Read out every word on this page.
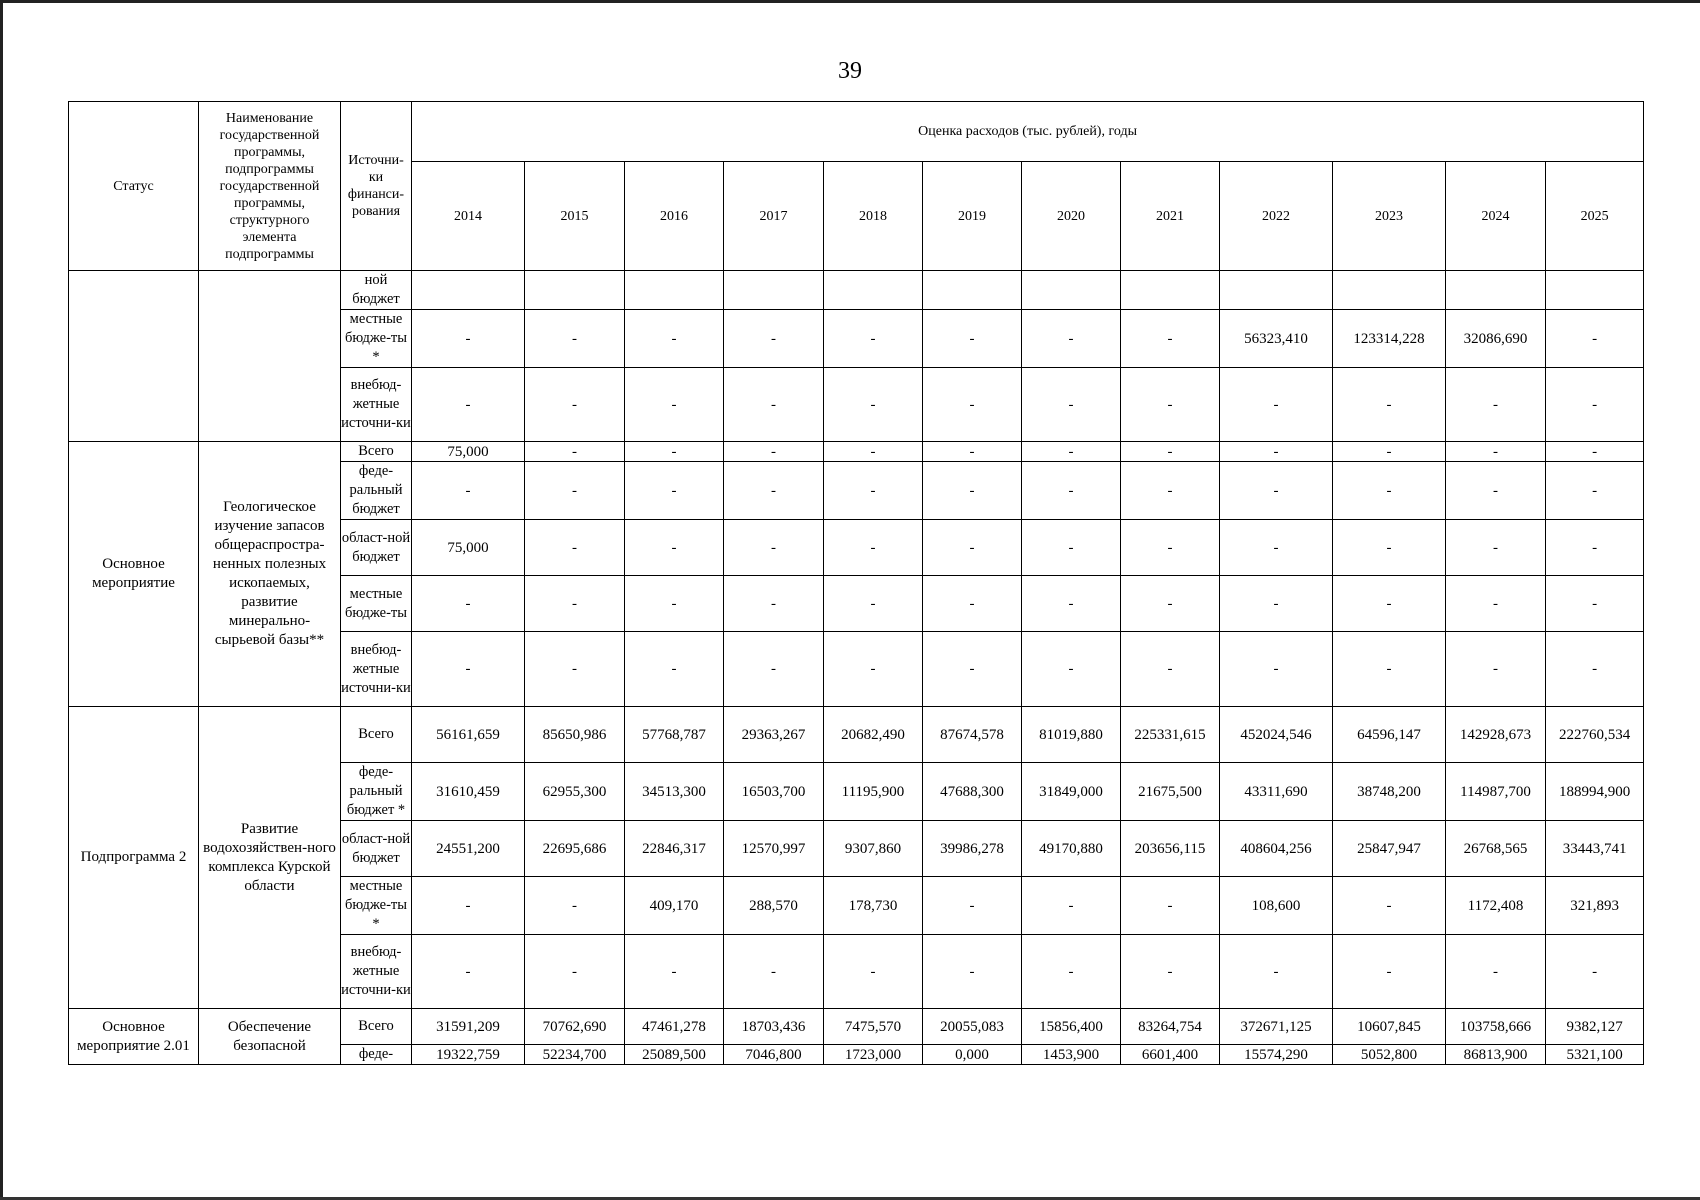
39
Статус	Наименование государственной программы, подпрограммы государственной программы, структурного элемента подпрограммы	Источни-ки финанси-рования	Оценка расходов (тыс. рублей), годы											
			2014	2015	2016	2017	2018	2019	2020	2021	2022	2023	2024	2025
		ной бюджет												
		местные бюдже-ты *	-	-	-	-	-	-	-	-	56323,410	123314,228	32086,690	-
		внебюд-жетные источни-ки	-	-	-	-	-	-	-	-	-	-	-	-
Основное мероприятие	Геологическое изучение запасов общераспростра-ненных полезных ископаемых, развитие минерально-сырьевой базы**	Всего	75,000	-	-	-	-	-	-	-	-	-	-	-
		феде-ральный бюджет	-	-	-	-	-	-	-	-	-	-	-	-
		област-ной бюджет	75,000	-	-	-	-	-	-	-	-	-	-	-
		местные бюдже-ты	-	-	-	-	-	-	-	-	-	-	-	-
		внебюд-жетные источни-ки	-	-	-	-	-	-	-	-	-	-	-	-
Подпрограмма 2	Развитие водохозяйствен-ного комплекса Курской области	Всего	56161,659	85650,986	57768,787	29363,267	20682,490	87674,578	81019,880	225331,615	452024,546	64596,147	142928,673	222760,534
		феде-ральный бюджет *	31610,459	62955,300	34513,300	16503,700	11195,900	47688,300	31849,000	21675,500	43311,690	38748,200	114987,700	188994,900
		област-ной бюджет	24551,200	22695,686	22846,317	12570,997	9307,860	39986,278	49170,880	203656,115	408604,256	25847,947	26768,565	33443,741
		местные бюдже-ты *	-	-	409,170	288,570	178,730	-	-	-	108,600	-	1172,408	321,893
		внебюд-жетные источни-ки	-	-	-	-	-	-	-	-	-	-	-	-
Основное мероприятие 2.01	Обеспечение безопасной	Всего	31591,209	70762,690	47461,278	18703,436	7475,570	20055,083	15856,400	83264,754	372671,125	10607,845	103758,666	9382,127
		феде-	19322,759	52234,700	25089,500	7046,800	1723,000	0,000	1453,900	6601,400	15574,290	5052,800	86813,900	5321,100
